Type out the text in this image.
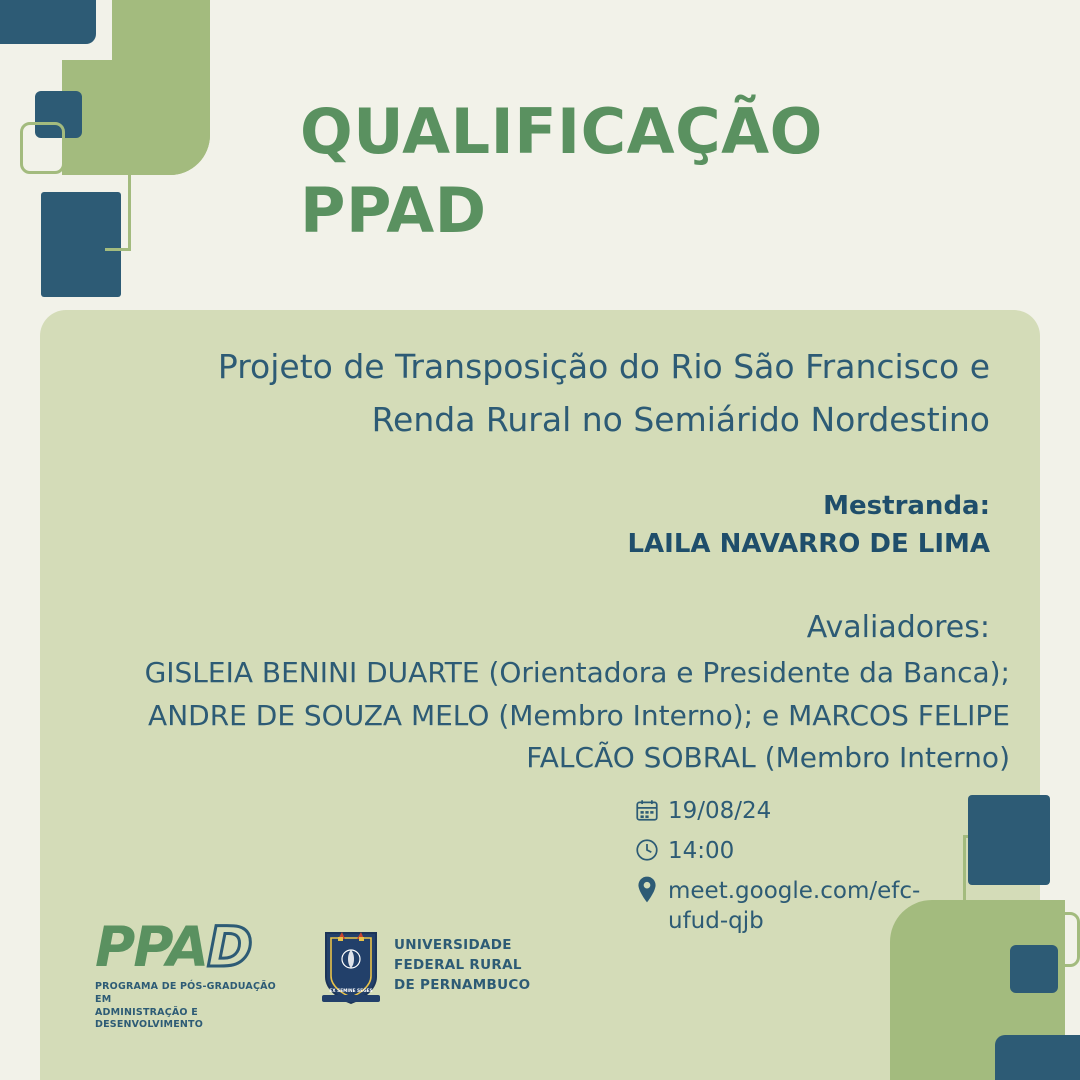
QUALIFICAÇÃO
PPAD
Projeto de Transposição do Rio São Francisco e
Renda Rural no Semiárido Nordestino
Mestranda:
LAILA NAVARRO DE LIMA
Avaliadores:
GISLEIA BENINI DUARTE (Orientadora e Presidente da Banca);
ANDRE DE SOUZA MELO (Membro Interno); e MARCOS FELIPE
FALCÃO SOBRAL (Membro Interno)
19/08/24
14:00
meet.google.com/efc-ufud-qjb
PPAD
PROGRAMA DE PÓS-GRADUAÇÃO EM
ADMINISTRAÇÃO E DESENVOLVIMENTO
EX SEMINE SEGES
UNIVERSIDADE
FEDERAL RURAL
DE PERNAMBUCO
